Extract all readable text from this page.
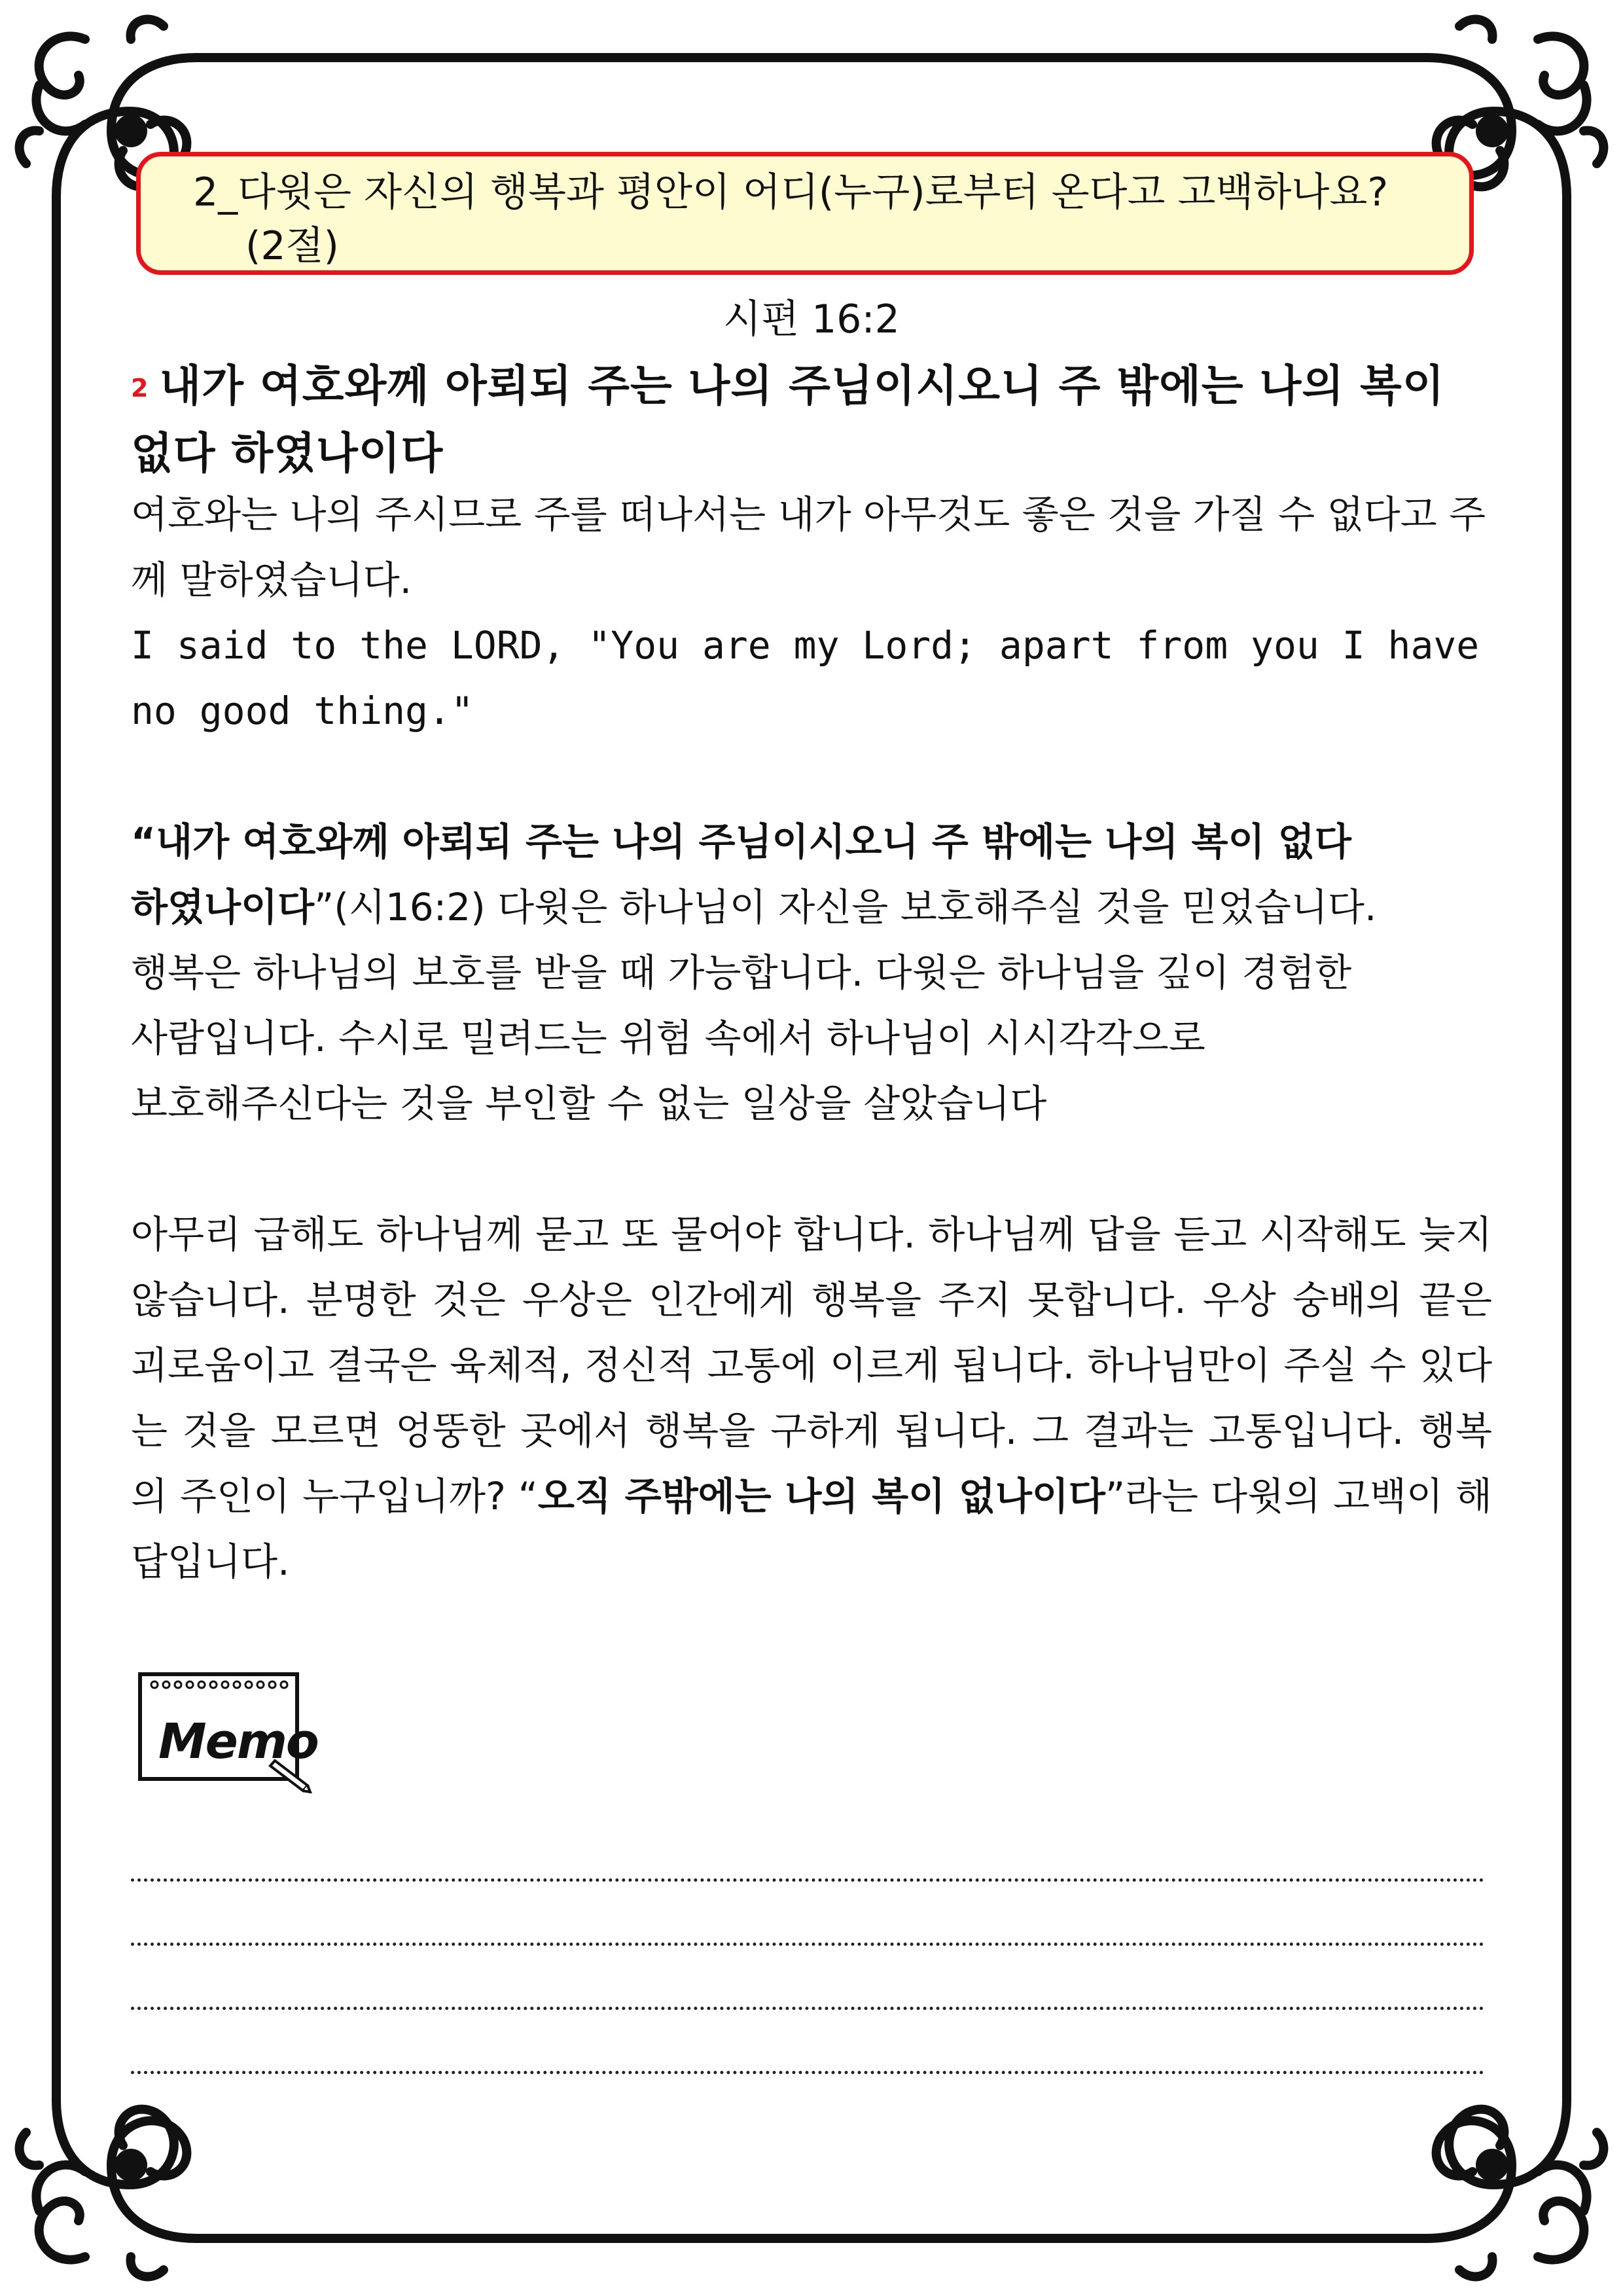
2_다윗은 자신의 행복과 평안이 어디(누구)로부터 온다고 고백하나요?
(2절)
시편 16:2
2 내가 여호와께 아뢰되 주는 나의 주님이시오니 주 밖에는 나의 복이 없다 하였나이다
여호와는 나의 주시므로 주를 떠나서는 내가 아무것도 좋은 것을 가질 수 없다고 주께 말하였습니다.
I said to the LORD, "You are my Lord; apart from you I have no good thing."
“내가 여호와께 아뢰되 주는 나의 주님이시오니 주 밖에는 나의 복이 없다
하였나이다”(시16:2) 다윗은 하나님이 자신을 보호해주실 것을 믿었습니다.
행복은 하나님의 보호를 받을 때 가능합니다. 다윗은 하나님을 깊이 경험한
사람입니다. 수시로 밀려드는 위험 속에서 하나님이 시시각각으로
보호해주신다는 것을 부인할 수 없는 일상을 살았습니다
아무리 급해도 하나님께 묻고 또 물어야 합니다. 하나님께 답을 듣고 시작해도 늦지 않습니다. 분명한 것은 우상은 인간에게 행복을 주지 못합니다. 우상 숭배의 끝은 괴로움이고 결국은 육체적, 정신적 고통에 이르게 됩니다. 하나님만이 주실 수 있다는 것을 모르면 엉뚱한 곳에서 행복을 구하게 됩니다. 그 결과는 고통입니다. 행복의 주인이 누구입니까? “오직 주밖에는 나의 복이 없나이다”라는 다윗의 고백이 해답입니다.
Memo
